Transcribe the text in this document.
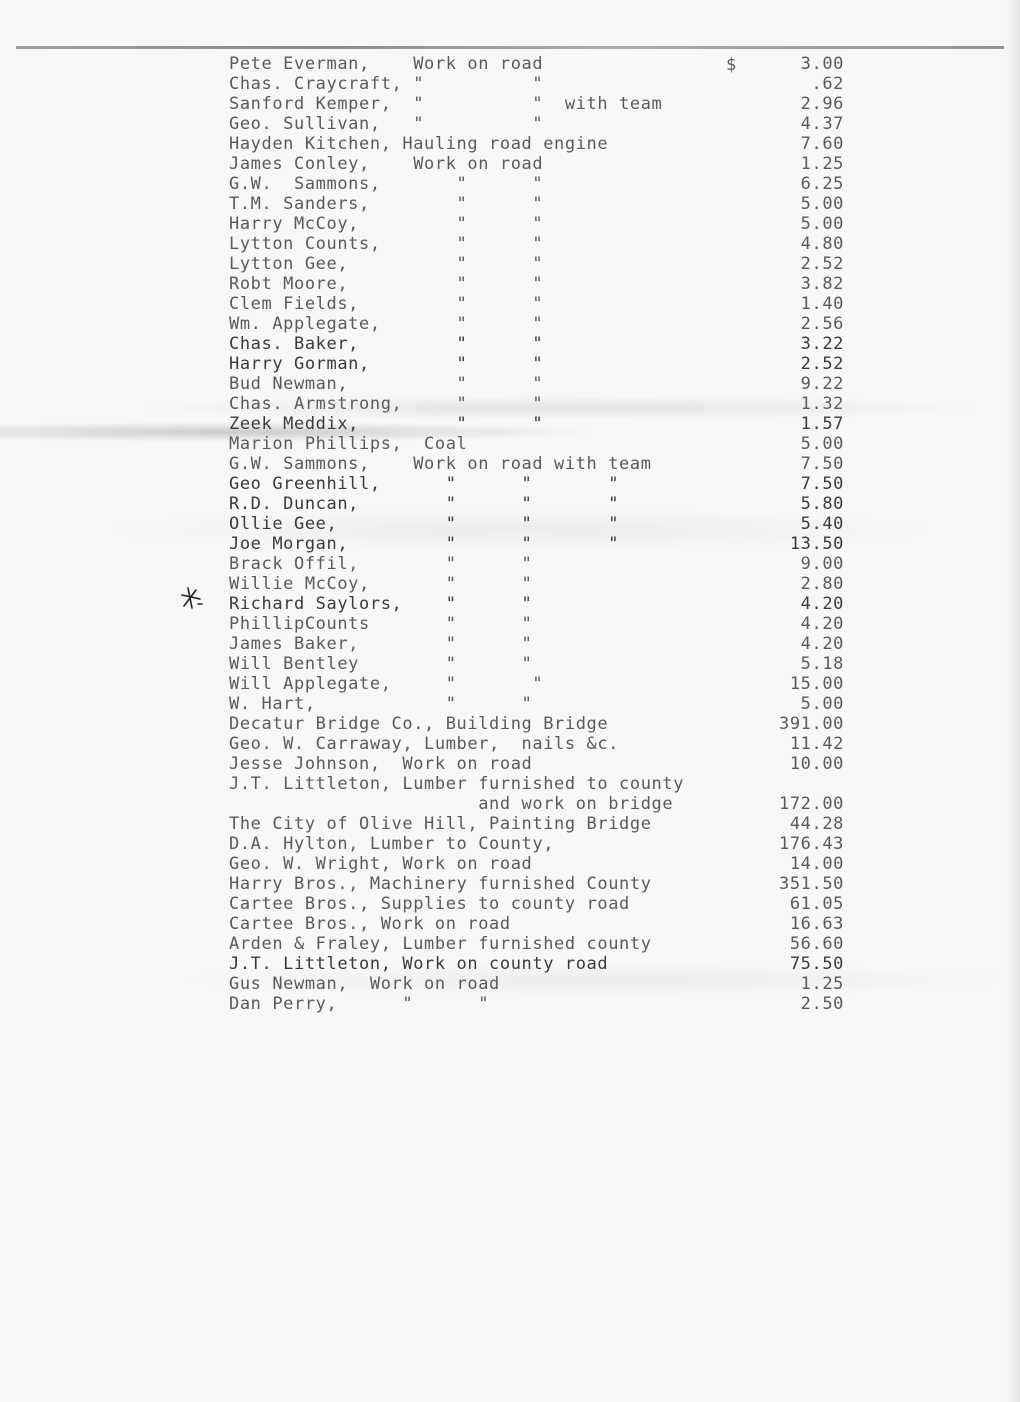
$
Pete Everman,    Work on road	3.00
Chas. Craycraft, "          "	.62
Sanford Kemper,  "          "  with team	2.96
Geo. Sullivan,   "          "	4.37
Hayden Kitchen, Hauling road engine	7.60
James Conley,    Work on road	1.25
G.W.  Sammons,       "      "	6.25
T.M. Sanders,        "      "	5.00
Harry McCoy,         "      "	5.00
Lytton Counts,       "      "	4.80
Lytton Gee,          "      "	2.52
Robt Moore,          "      "	3.82
Clem Fields,         "      "	1.40
Wm. Applegate,       "      "	2.56
Chas. Baker,         "      "	3.22
Harry Gorman,        "      "	2.52
Bud Newman,          "      "	9.22
Chas. Armstrong,     "      "	1.32
Zeek Meddix,         "      "	1.57
Marion Phillips,  Coal	5.00
G.W. Sammons,    Work on road with team	7.50
Geo Greenhill,      "      "       "	7.50
R.D. Duncan,        "      "       "	5.80
Ollie Gee,          "      "       "	5.40
Joe Morgan,         "      "       "	13.50
Brack Offil,        "      "	9.00
Willie McCoy,       "      "	2.80
Richard Saylors,    "      "	4.20
PhillipCounts       "      "	4.20
James Baker,        "      "	4.20
Will Bentley        "      "	5.18
Will Applegate,     "       "	15.00
W. Hart,            "      "	5.00
Decatur Bridge Co., Building Bridge	391.00
Geo. W. Carraway, Lumber,  nails &c.	11.42
Jesse Johnson,  Work on road	10.00
J.T. Littleton, Lumber furnished to county
and work on bridge	172.00
The City of Olive Hill, Painting Bridge	44.28
D.A. Hylton, Lumber to County,	176.43
Geo. W. Wright, Work on road	14.00
Harry Bros., Machinery furnished County	351.50
Cartee Bros., Supplies to county road	61.05
Cartee Bros., Work on road	16.63
Arden & Fraley, Lumber furnished county	56.60
J.T. Littleton, Work on county road	75.50
Gus Newman,  Work on road	1.25
Dan Perry,      "      "	2.50
